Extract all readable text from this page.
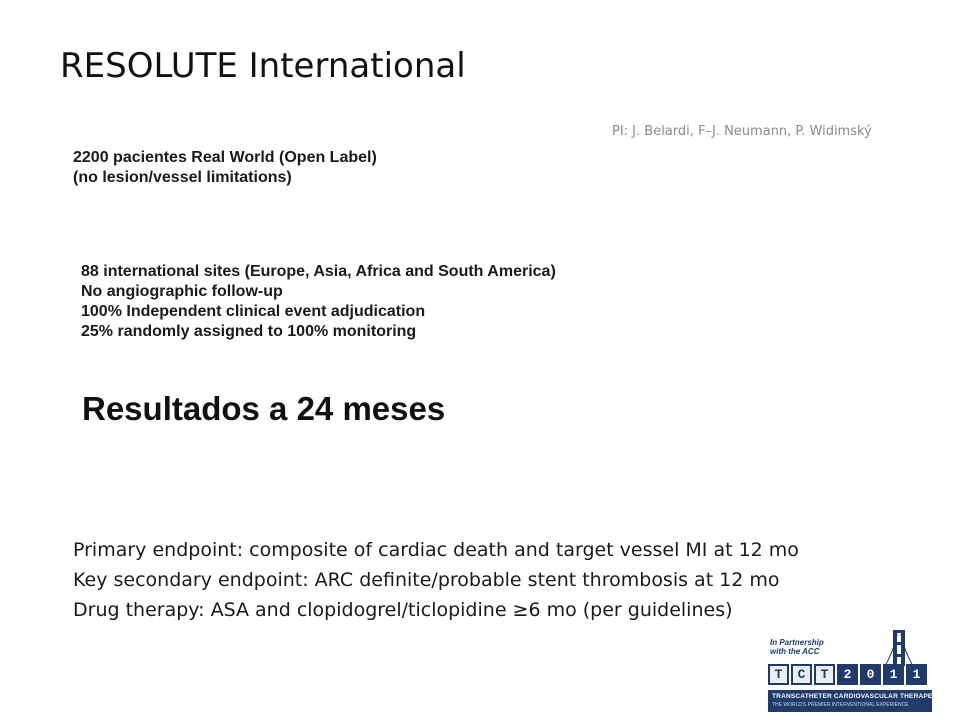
RESOLUTE International
PI: J. Belardi, F–J. Neumann, P. Widimský
2200 pacientes Real World (Open Label)
(no lesion/vessel limitations)
88 international sites (Europe, Asia, Africa and South America)
No angiographic follow-up
100% Independent clinical event adjudication
25% randomly assigned to 100% monitoring
Resultados a 24 meses
Primary endpoint: composite of cardiac death and target vessel MI at 12 mo
Key secondary endpoint: ARC definite/probable stent thrombosis at 12 mo
Drug therapy: ASA and clopidogrel/ticlopidine ≥6 mo (per guidelines)
In Partnership
with the ACC
T	C	T	2	0	1	1
TRANSCATHETER CARDIOVASCULAR THERAPEUTICS
THE WORLD'S PREMIER INTERVENTIONAL EXPERIENCE
